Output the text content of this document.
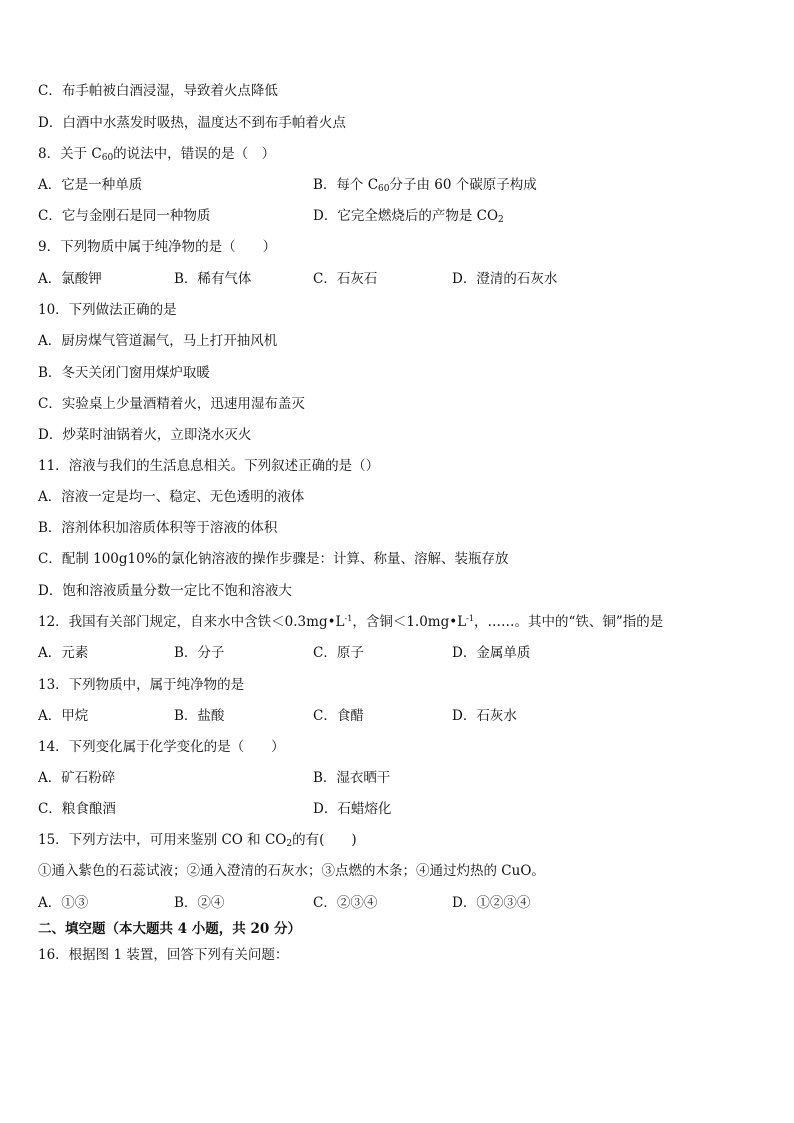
C．布手帕被白酒浸湿，导致着火点降低
D．白酒中水蒸发时吸热，温度达不到布手帕着火点
8．关于 $C_{60}$的说法中，错误的是（　）
A．它是一种单质	B．每个 $C_{60}$分子由 60 个碳原子构成
C．它与金刚石是同一种物质	D．它完全燃烧后的产物是 $CO_2$
9．下列物质中属于纯净物的是（　　）
A．氯酸钾	B．稀有气体	C．石灰石	D．澄清的石灰水
10．下列做法正确的是
A．厨房煤气管道漏气，马上打开抽风机
B．冬天关闭门窗用煤炉取暖
C．实验桌上少量酒精着火，迅速用湿布盖灭
D．炒菜时油锅着火，立即浇水灭火
11．溶液与我们的生活息息相关。下列叙述正确的是（）
A．溶液一定是均一、稳定、无色透明的液体
B．溶剂体积加溶质体积等于溶液的体积
C．配制 100g10%的氯化钠溶液的操作步骤是：计算、称量、溶解、装瓶存放
D．饱和溶液质量分数一定比不饱和溶液大
12．我国有关部门规定，自来水中含铁$<0.3mg•L^{-1}$，含铜$<1.0mg•L^{-1}$，……。其中的“铁、铜”指的是
A．元素	B．分子	C．原子	D．金属单质
13．下列物质中，属于纯净物的是
A．甲烷	B．盐酸	C．食醋	D．石灰水
14．下列变化属于化学变化的是（　　）
A．矿石粉碎	B．湿衣晒干
C．粮食酿酒	D．石蜡熔化
15．下列方法中，可用来鉴别 CO 和 $CO_2$的有(　　)
①通入紫色的石蕊试液；②通入澄清的石灰水；③点燃的木条；④通过灼热的 CuO。
A．①③	B．②④	C．②③④	D．①②③④
二、填空题（本大题共 4 小题，共 20 分）
16．根据图 1 装置，回答下列有关问题：
